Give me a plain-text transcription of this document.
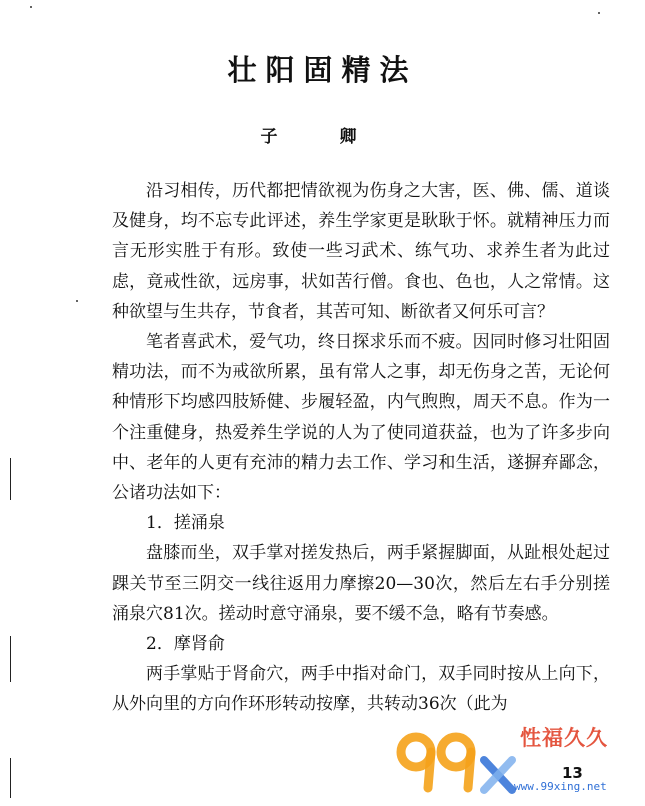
壮阳固精法
子 卿

沿习相传，历代都把情欲视为伤身之大害，医、佛、儒、道谈及健身，均不忘专此评述，养生学家更是耿耿于怀。就精神压力而言无形实胜于有形。致使一些习武术、练气功、求养生者为此过虑，竟戒性欲，远房事，状如苦行僧。食也、色也，人之常情。这种欲望与生共存，节食者，其苦可知、断欲者又何乐可言？

笔者喜武术，爱气功，终日探求乐而不疲。因同时修习壮阳固精功法，而不为戒欲所累，虽有常人之事，却无伤身之苦，无论何种情形下均感四肢矫健、步履轻盈，内气煦煦，周天不息。作为一个注重健身，热爱养生学说的人为了使同道获益，也为了许多步向中、老年的人更有充沛的精力去工作、学习和生活，遂摒弃鄙念，公诸功法如下：

1．搓涌泉

盘膝而坐，双手掌对搓发热后，两手紧握脚面，从趾根处起过踝关节至三阴交一线往返用力摩擦20—30次，然后左右手分别搓涌泉穴81次。搓动时意守涌泉，要不缓不急，略有节奏感。

2．摩肾俞

两手掌贴于肾俞穴，两手中指对命门，双手同时按从上向下，从外向里的方向作环形转动按摩，共转动36次（此为

13
性福久久
www.99xing.net
